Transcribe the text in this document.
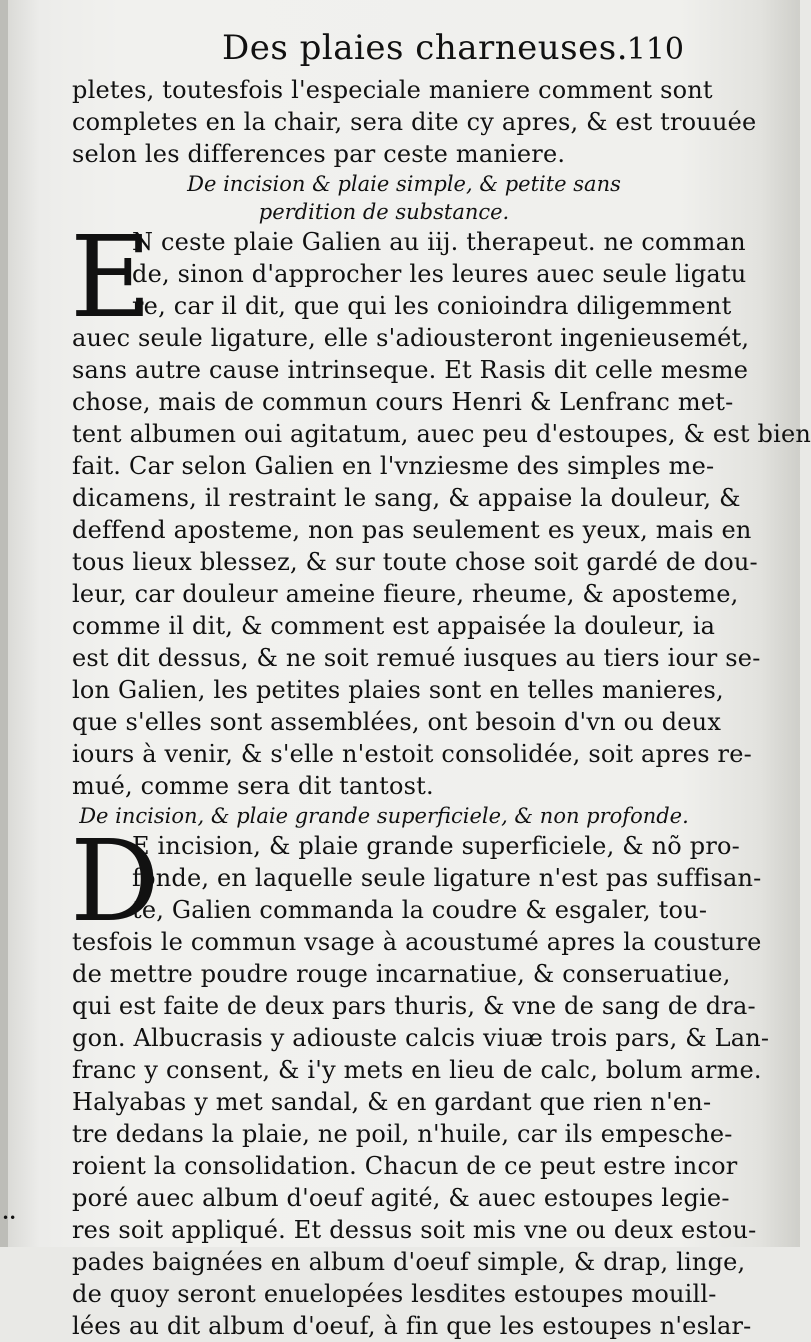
Des plaies charneuses.
110
pletes, toutesfois l'especiale maniere comment sont
completes en la chair, sera dite cy apres, & est trouuée
selon les differences par ceste maniere.
De incision & plaie simple, & petite sans
perdition de substance.
E
N ceste plaie Galien au iij. therapeut. ne comman
de, sinon d'approcher les leures auec seule ligatu
re, car il dit, que qui les conioindra diligemment
auec seule ligature, elle s'adiousteront ingenieusemét,
sans autre cause intrinseque. Et Rasis dit celle mesme
chose, mais de commun cours Henri & Lenfranc met-
tent albumen oui agitatum, auec peu d'estoupes, & est bien
fait. Car selon Galien en l'vnziesme des simples me-
dicamens, il restraint le sang, & appaise la douleur, &
deffend aposteme, non pas seulement es yeux, mais en
tous lieux blessez, & sur toute chose soit gardé de dou-
leur, car douleur ameine fieure, rheume, & aposteme,
comme il dit, & comment est appaisée la douleur, ia
est dit dessus, & ne soit remué iusques au tiers iour se-
lon Galien, les petites plaies sont en telles manieres,
que s'elles sont assemblées, ont besoin d'vn ou deux
iours à venir, & s'elle n'estoit consolidée, soit apres re-
mué, comme sera dit tantost.
De incision, & plaie grande superficiele, & non profonde.
D
E incision, & plaie grande superficiele, & nõ pro-
fonde, en laquelle seule ligature n'est pas suffisan-
te, Galien commanda la coudre & esgaler, tou-
tesfois le commun vsage à acoustumé apres la cousture
de mettre poudre rouge incarnatiue, & conseruatiue,
qui est faite de deux pars thuris, & vne de sang de dra-
gon. Albucrasis y adiouste calcis viuæ trois pars, & Lan-
franc y consent, & i'y mets en lieu de calc, bolum arme.
Halyabas y met sandal, & en gardant que rien n'en-
tre dedans la plaie, ne poil, n'huile, car ils empesche-
roient la consolidation. Chacun de ce peut estre incor
poré auec album d'oeuf agité, & auec estoupes legie-
res soit appliqué. Et dessus soit mis vne ou deux estou-
pades baignées en album d'oeuf simple, & drap, linge,
de quoy seront enuelopées lesdites estoupes mouill-
lées au dit album d'oeuf, à fin que les estoupes n'eslar-
••
